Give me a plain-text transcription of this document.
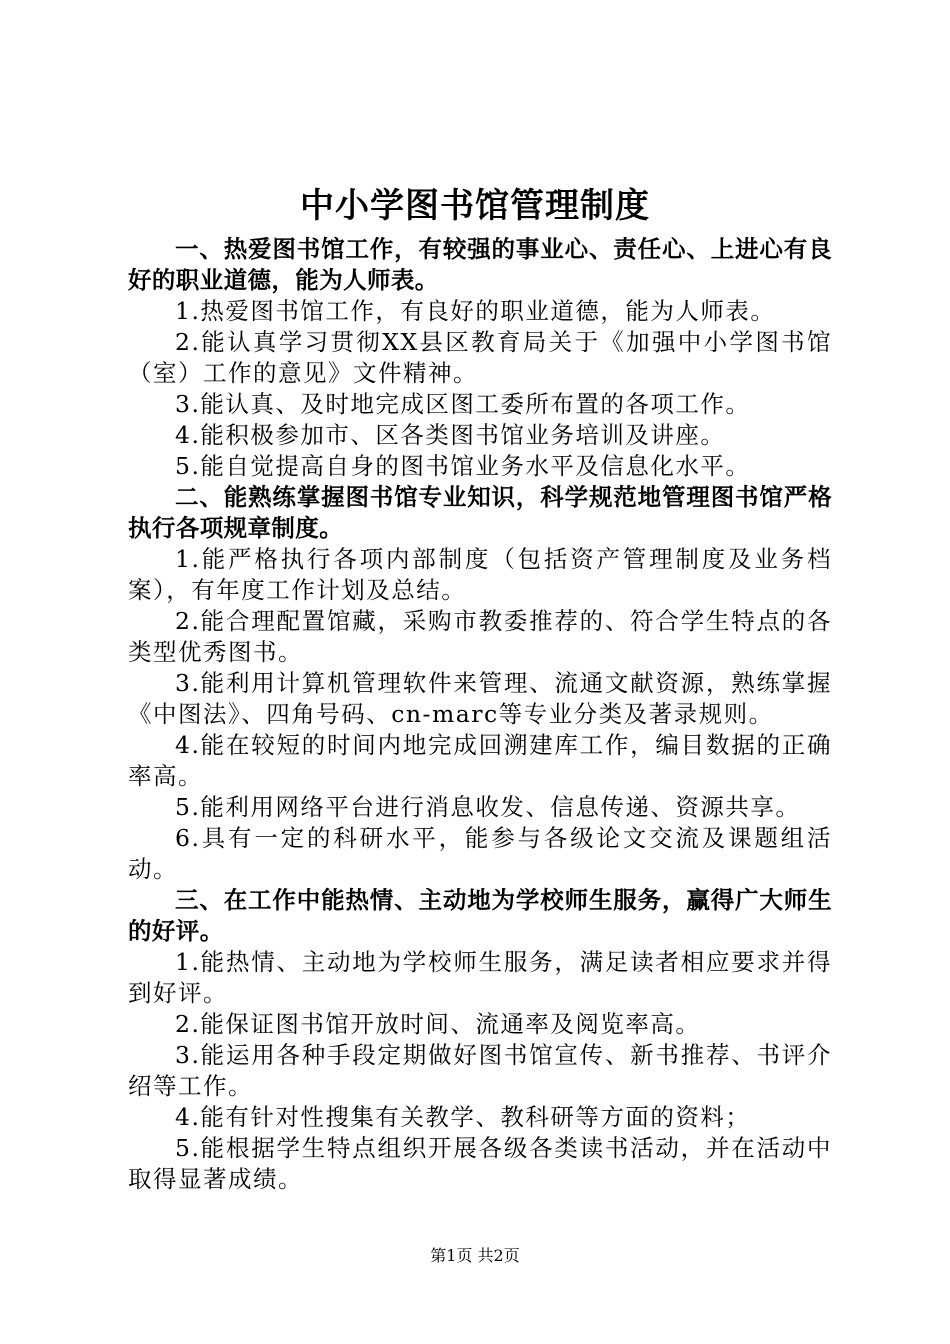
中小学图书馆管理制度

一、热爱图书馆工作，有较强的事业心、责任心、上进心有良好的职业道德，能为人师表。

1.热爱图书馆工作，有良好的职业道德，能为人师表。

2.能认真学习贯彻XX县区教育局关于《加强中小学图书馆（室）工作的意见》文件精神。

3.能认真、及时地完成区图工委所布置的各项工作。

4.能积极参加市、区各类图书馆业务培训及讲座。

5.能自觉提高自身的图书馆业务水平及信息化水平。

二、能熟练掌握图书馆专业知识，科学规范地管理图书馆严格执行各项规章制度。

1.能严格执行各项内部制度（包括资产管理制度及业务档案），有年度工作计划及总结。

2.能合理配置馆藏，采购市教委推荐的、符合学生特点的各类型优秀图书。

3.能利用计算机管理软件来管理、流通文献资源，熟练掌握《中图法》、四角号码、cn-marc等专业分类及著录规则。

4.能在较短的时间内地完成回溯建库工作，编目数据的正确率高。

5.能利用网络平台进行消息收发、信息传递、资源共享。

6.具有一定的科研水平，能参与各级论文交流及课题组活动。

三、在工作中能热情、主动地为学校师生服务，赢得广大师生的好评。

1.能热情、主动地为学校师生服务，满足读者相应要求并得到好评。

2.能保证图书馆开放时间、流通率及阅览率高。

3.能运用各种手段定期做好图书馆宣传、新书推荐、书评介绍等工作。

4.能有针对性搜集有关教学、教科研等方面的资料；

5.能根据学生特点组织开展各级各类读书活动，并在活动中取得显著成绩。

第1页 共2页
